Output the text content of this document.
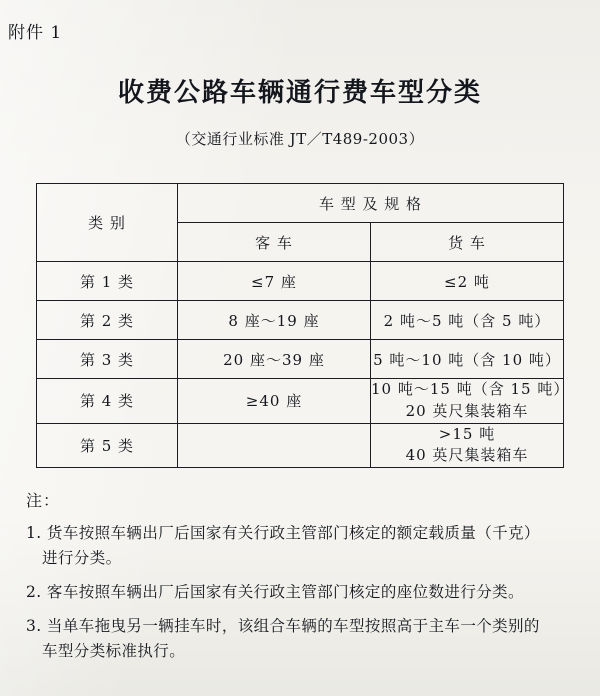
附件 1
收费公路车辆通行费车型分类
（交通行业标准 JT／T489-2003）
类 别	车 型 及 规 格	
	客 车	货 车
第 1 类	≤7 座	≤2 吨
第 2 类	8 座～19 座	2 吨～5 吨（含 5 吨）
第 3 类	20 座～39 座	5 吨～10 吨（含 10 吨）
第 4 类	≥40 座	10 吨～15 吨（含 15 吨）
20 英尺集装箱车

第 5 类		>15 吨
40 英尺集装箱车
注：
1. 货车按照车辆出厂后国家有关行政主管部门核定的额定载质量（千克）
进行分类。
2. 客车按照车辆出厂后国家有关行政主管部门核定的座位数进行分类。
3. 当单车拖曳另一辆挂车时，该组合车辆的车型按照高于主车一个类别的
车型分类标准执行。
